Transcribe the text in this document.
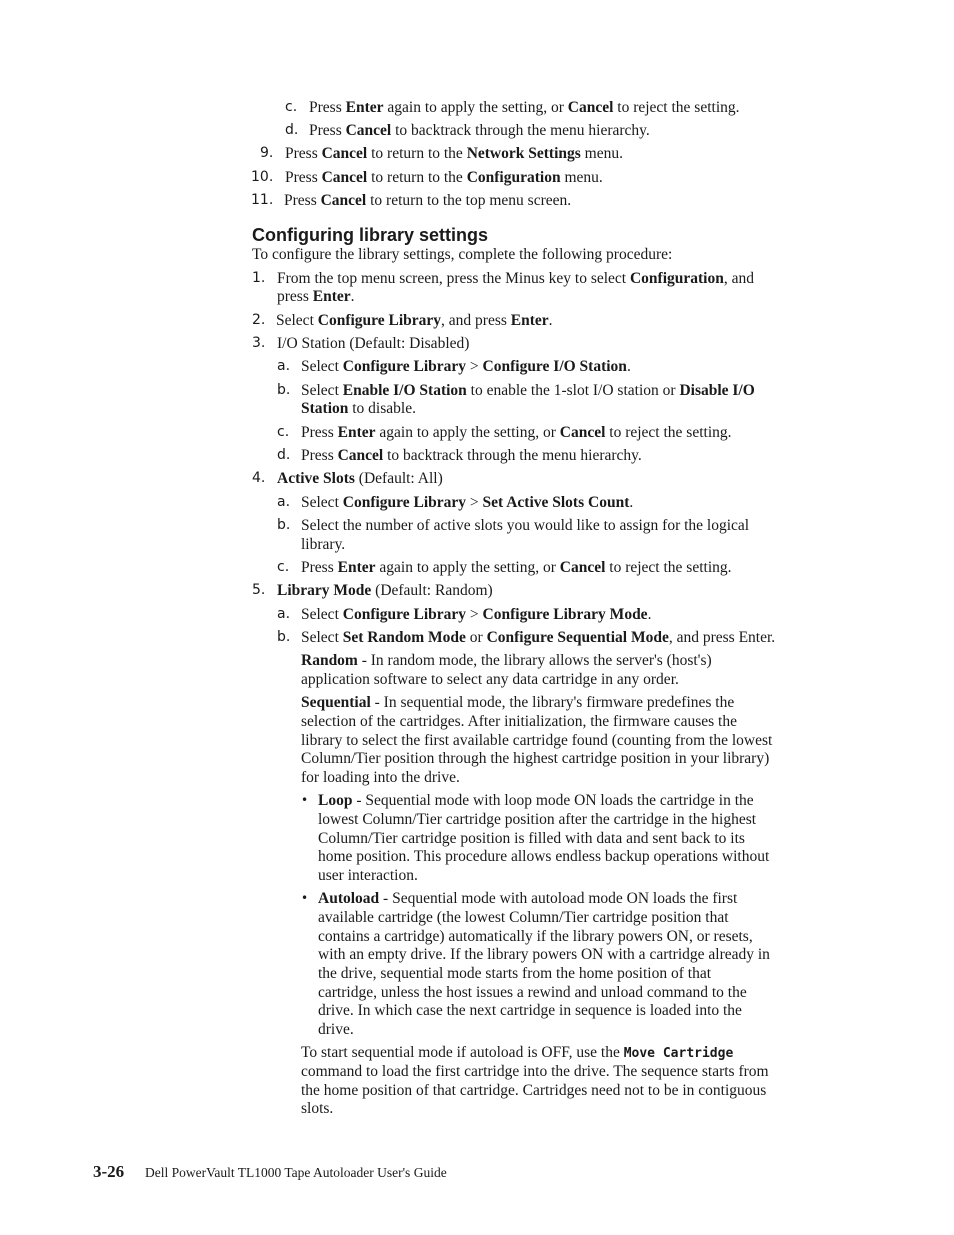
c. Press Enter again to apply the setting, or Cancel to reject the setting.
d. Press Cancel to backtrack through the menu hierarchy.
9. Press Cancel to return to the Network Settings menu.
10. Press Cancel to return to the Configuration menu.
11. Press Cancel to return to the top menu screen.
Configuring library settings
To configure the library settings, complete the following procedure:
1. From the top menu screen, press the Minus key to select Configuration, and
press Enter.
2. Select Configure Library, and press Enter.
3. I/O Station (Default: Disabled)
a. Select Configure Library > Configure I/O Station.
b. Select Enable I/O Station to enable the 1-slot I/O station or Disable I/O
Station to disable.
c. Press Enter again to apply the setting, or Cancel to reject the setting.
d. Press Cancel to backtrack through the menu hierarchy.
4. Active Slots (Default: All)
a. Select Configure Library > Set Active Slots Count.
b. Select the number of active slots you would like to assign for the logical
library.
c. Press Enter again to apply the setting, or Cancel to reject the setting.
5. Library Mode (Default: Random)
a. Select Configure Library > Configure Library Mode.
b. Select Set Random Mode or Configure Sequential Mode, and press Enter.
Random - In random mode, the library allows the server's (host's)
application software to select any data cartridge in any order.
Sequential - In sequential mode, the library's firmware predefines the
selection of the cartridges. After initialization, the firmware causes the
library to select the first available cartridge found (counting from the lowest
Column/Tier position through the highest cartridge position in your library)
for loading into the drive.
• Loop - Sequential mode with loop mode ON loads the cartridge in the
lowest Column/Tier cartridge position after the cartridge in the highest
Column/Tier cartridge position is filled with data and sent back to its
home position. This procedure allows endless backup operations without
user interaction.
• Autoload - Sequential mode with autoload mode ON loads the first
available cartridge (the lowest Column/Tier cartridge position that
contains a cartridge) automatically if the library powers ON, or resets,
with an empty drive. If the library powers ON with a cartridge already in
the drive, sequential mode starts from the home position of that
cartridge, unless the host issues a rewind and unload command to the
drive. In which case the next cartridge in sequence is loaded into the
drive.
To start sequential mode if autoload is OFF, use the Move Cartridge
command to load the first cartridge into the drive. The sequence starts from
the home position of that cartridge. Cartridges need not to be in contiguous
slots.
3-26 Dell PowerVault TL1000 Tape Autoloader User's Guide
